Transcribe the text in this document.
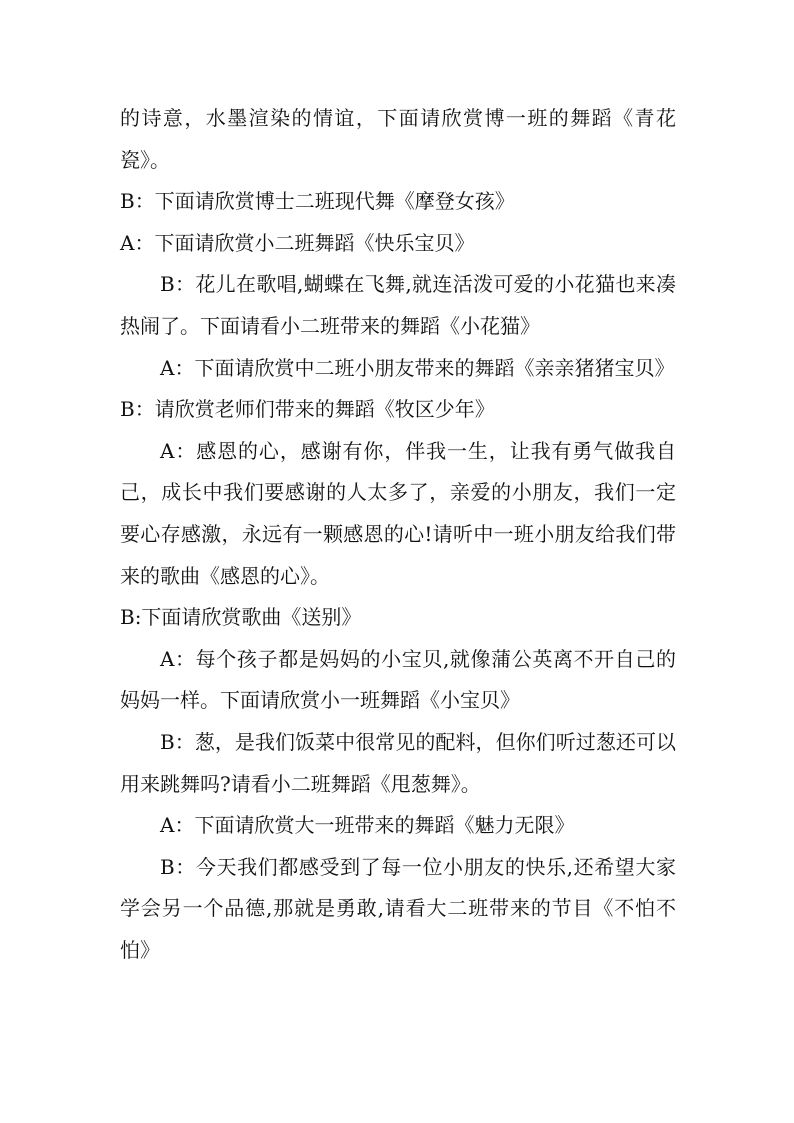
的诗意，水墨渲染的情谊，下面请欣赏博一班的舞蹈《青花瓷》。

B：下面请欣赏博士二班现代舞《摩登女孩》

A：下面请欣赏小二班舞蹈《快乐宝贝》

B：花儿在歌唱,蝴蝶在飞舞,就连活泼可爱的小花猫也来凑热闹了。下面请看小二班带来的舞蹈《小花猫》

A：下面请欣赏中二班小朋友带来的舞蹈《亲亲猪猪宝贝》

B：请欣赏老师们带来的舞蹈《牧区少年》

A：感恩的心，感谢有你，伴我一生，让我有勇气做我自己，成长中我们要感谢的人太多了，亲爱的小朋友，我们一定要心存感激，永远有一颗感恩的心!请听中一班小朋友给我们带来的歌曲《感恩的心》。

B:下面请欣赏歌曲《送别》

A：每个孩子都是妈妈的小宝贝,就像蒲公英离不开自己的妈妈一样。下面请欣赏小一班舞蹈《小宝贝》

B：葱，是我们饭菜中很常见的配料，但你们听过葱还可以用来跳舞吗?请看小二班舞蹈《甩葱舞》。

A：下面请欣赏大一班带来的舞蹈《魅力无限》

B：今天我们都感受到了每一位小朋友的快乐,还希望大家学会另一个品德,那就是勇敢,请看大二班带来的节目《不怕不怕》
